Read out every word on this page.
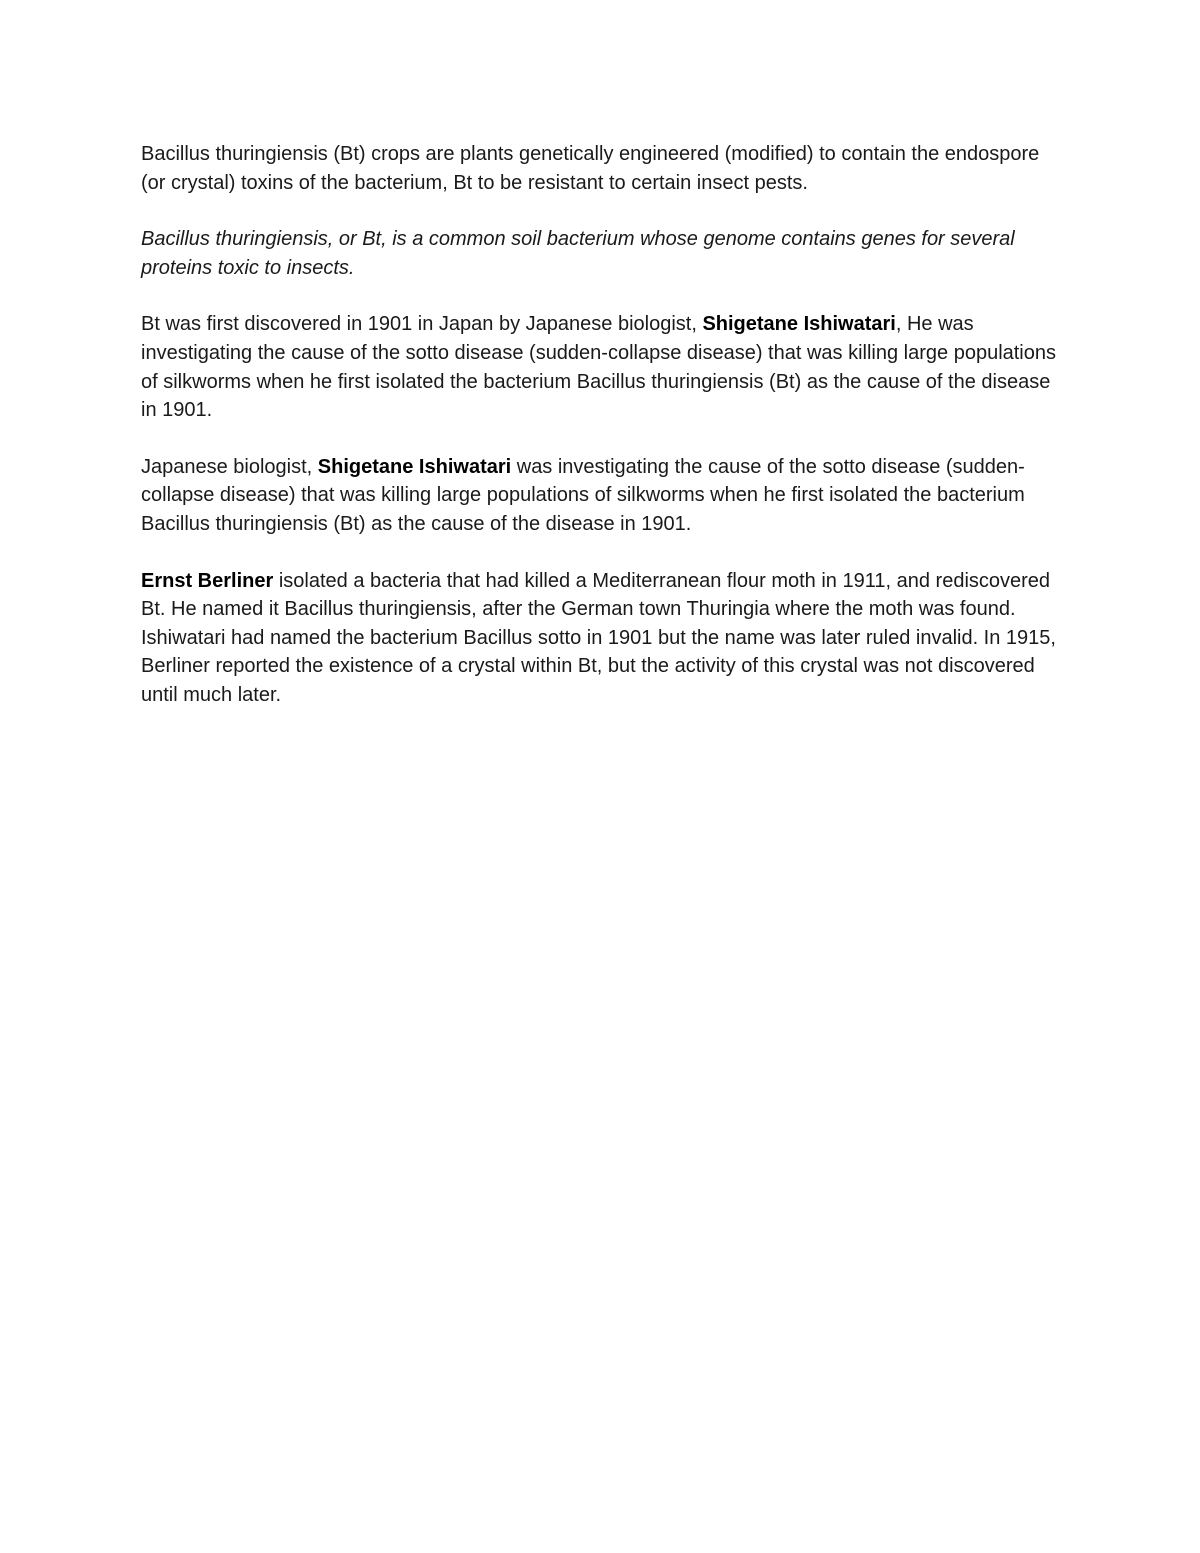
Bacillus thuringiensis (Bt) crops are plants genetically engineered (modified) to contain the endospore (or crystal) toxins of the bacterium, Bt to be resistant to certain insect pests.

Bacillus thuringiensis, or Bt, is a common soil bacterium whose genome contains genes for several proteins toxic to insects.

Bt was first discovered in 1901 in Japan by Japanese biologist, Shigetane Ishiwatari, He was investigating the cause of the sotto disease (sudden-collapse disease) that was killing large populations of silkworms when he first isolated the bacterium Bacillus thuringiensis (Bt) as the cause of the disease in 1901.

Japanese biologist, Shigetane Ishiwatari was investigating the cause of the sotto disease (sudden-collapse disease) that was killing large populations of silkworms when he first isolated the bacterium Bacillus thuringiensis (Bt) as the cause of the disease in 1901.

Ernst Berliner isolated a bacteria that had killed a Mediterranean flour moth in 1911, and rediscovered Bt. He named it Bacillus thuringiensis, after the German town Thuringia where the moth was found. Ishiwatari had named the bacterium Bacillus sotto in 1901 but the name was later ruled invalid. In 1915, Berliner reported the existence of a crystal within Bt, but the activity of this crystal was not discovered until much later.
